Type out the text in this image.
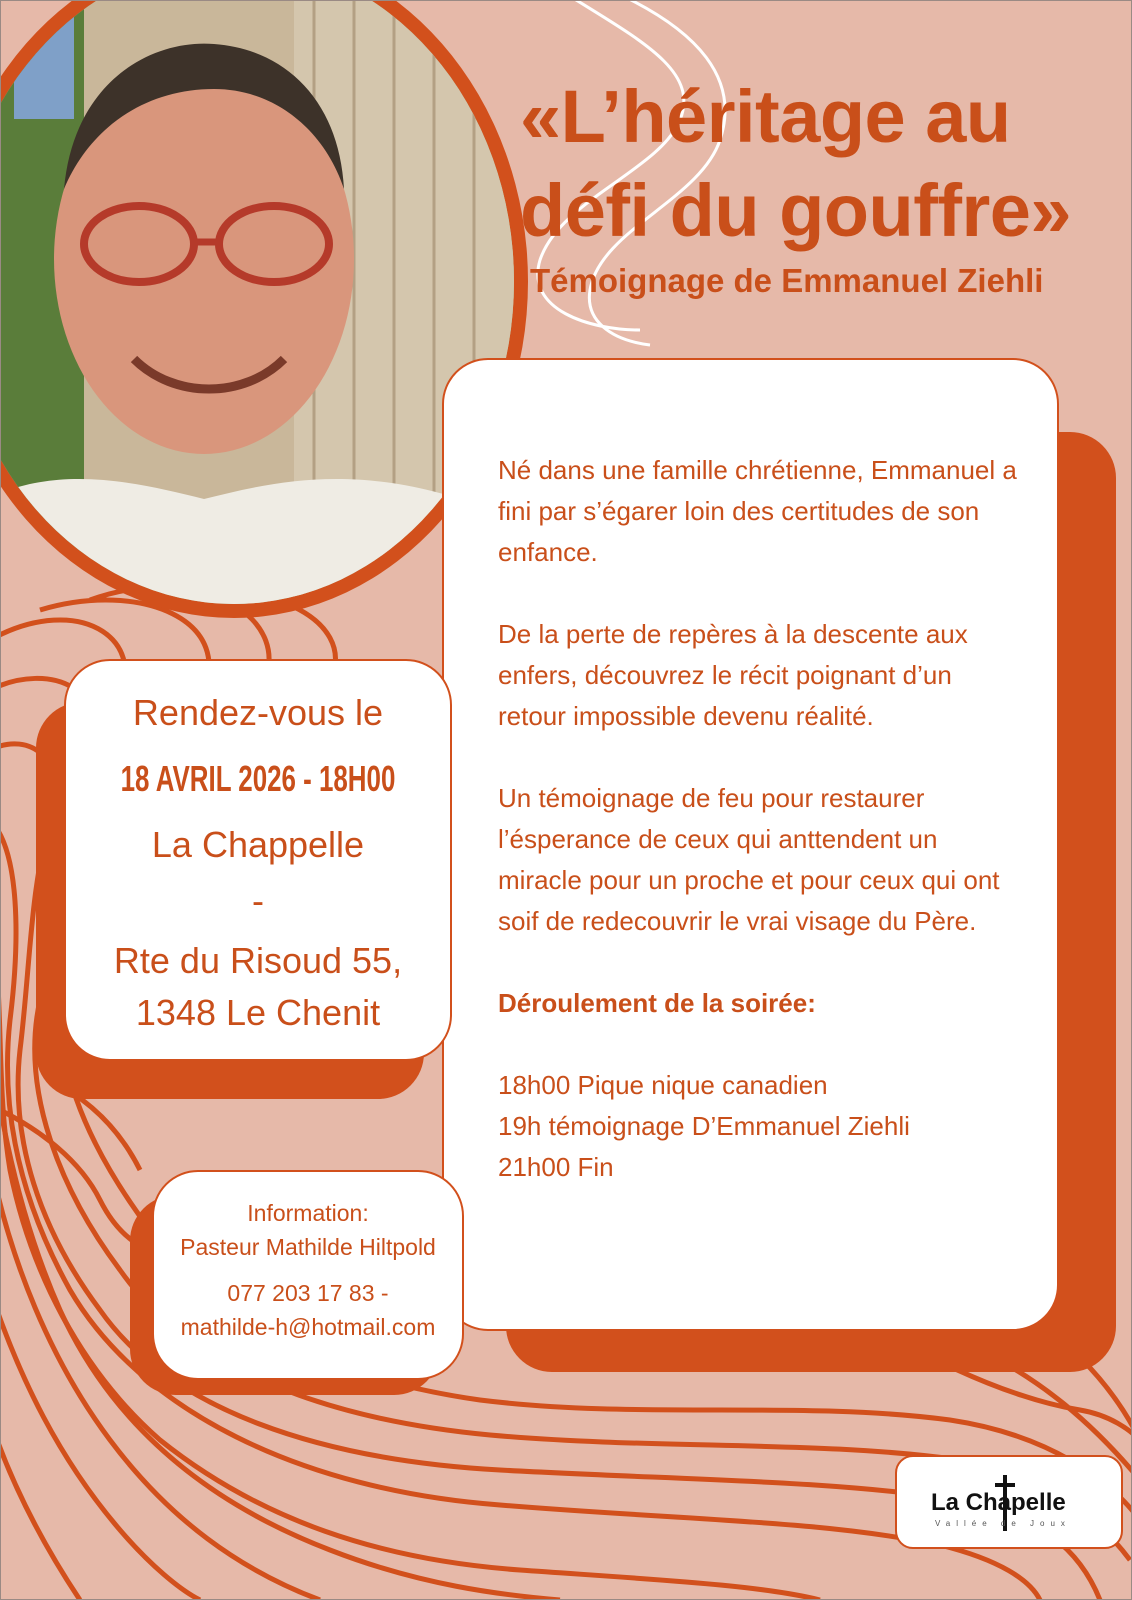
«L’héritage au
défi du gouffre»

Témoignage de Emmanuel Ziehli

Né dans une famille chrétienne, Emmanuel a fini par s’égarer loin des certitudes de son enfance.

De la perte de repères à la descente aux enfers, découvrez le récit poignant d’un retour impossible devenu réalité.

Un témoignage de feu pour restaurer l’ésperance de ceux qui anttendent un miracle pour un proche et pour ceux qui ont soif de redecouvrir le vrai visage du Père.

Déroulement de la soirée:

18h00 Pique nique canadien

19h témoignage D’Emmanuel Ziehli

21h00 Fin

Rendez-vous le

18 AVRIL 2026 - 18H00

La Chappelle

-

Rte du Risoud 55,
1348 Le Chenit

Information:

Pasteur Mathilde Hiltpold

077 203 17 83 -

mathilde-h@hotmail.com

La Chapelle
Vallée de Joux
